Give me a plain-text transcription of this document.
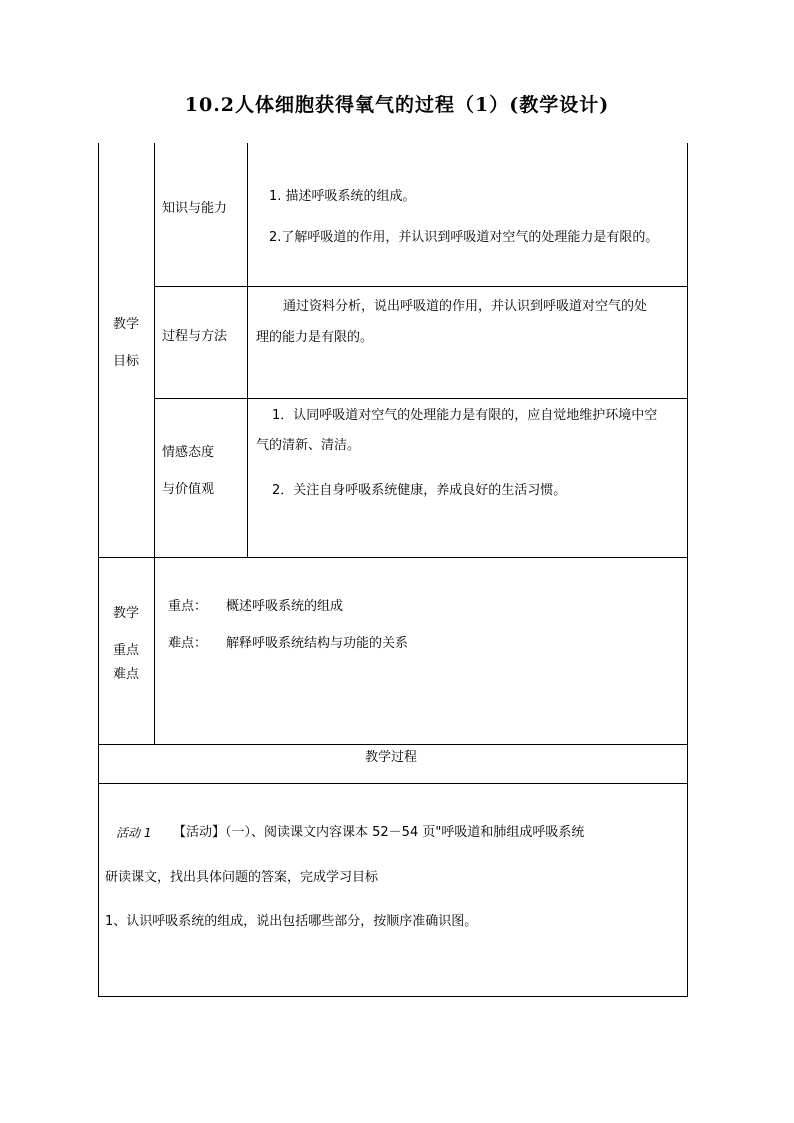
10.2人体细胞获得氧气的过程（1）(教学设计)
教学
目标
知识与能力
1. 描述呼吸系统的组成。
2.了解呼吸道的作用，并认识到呼吸道对空气的处理能力是有限的。
过程与方法
通过资料分析，说出呼吸道的作用，并认识到呼吸道对空气的处
理的能力是有限的。
情感态度
与价值观
1．认同呼吸道对空气的处理能力是有限的，应自觉地维护环境中空
气的清新、清洁。
2．关注自身呼吸系统健康，养成良好的生活习惯。
教学
重点
难点
重点： 概述呼吸系统的组成
难点： 解释呼吸系统结构与功能的关系
教学过程
活动 1 【活动】（一）、阅读课文内容课本 52－54 页"呼吸道和肺组成呼吸系统
研读课文，找出具体问题的答案，完成学习目标
1、认识呼吸系统的组成，说出包括哪些部分，按顺序准确识图。
